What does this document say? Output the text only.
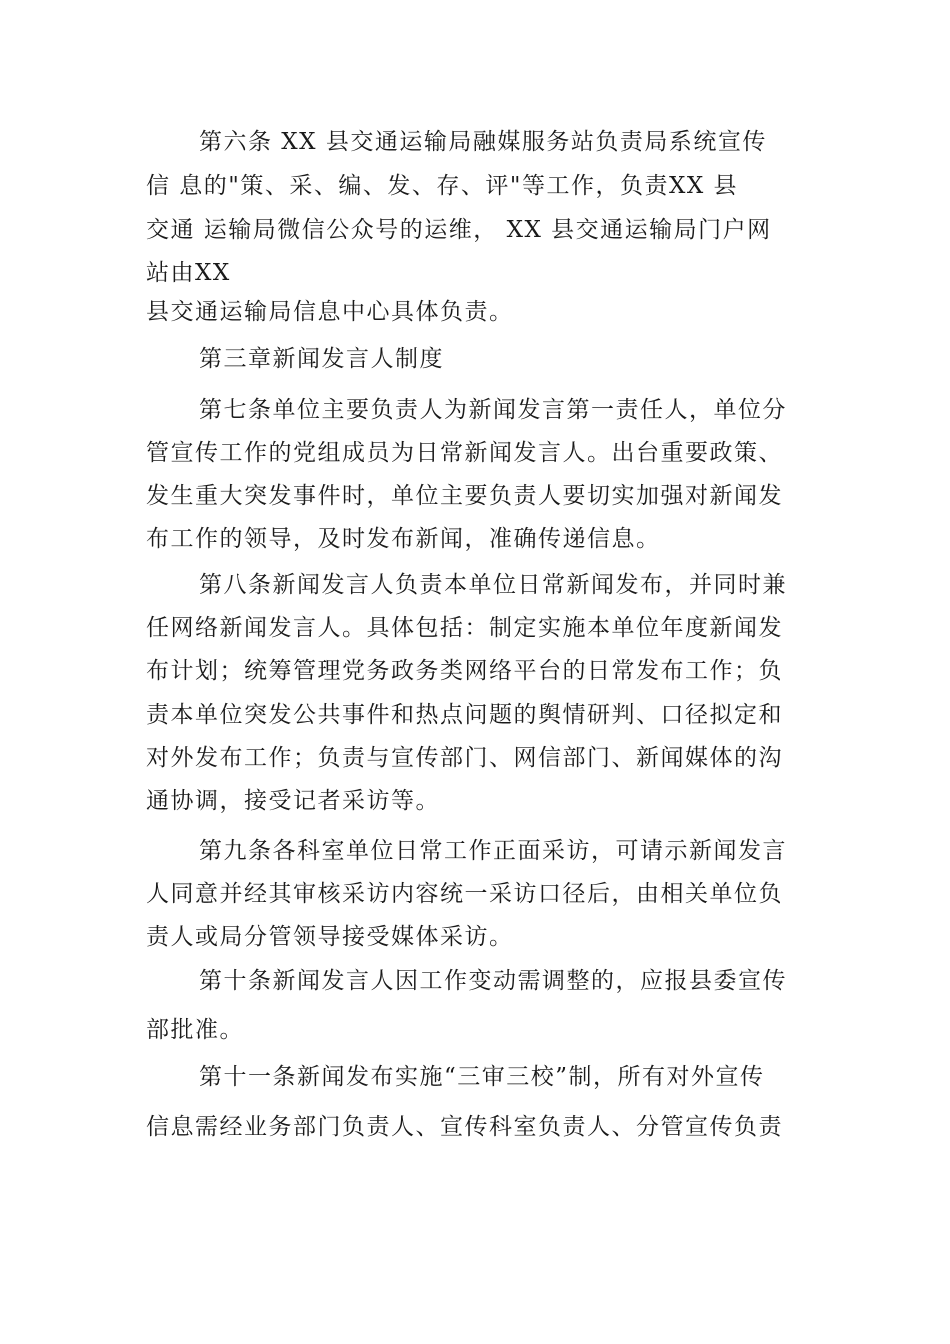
第六条 XX 县交通运输局融媒服务站负责局系统宣传
信 息的"策、采、编、发、存、评"等工作，负责XX 县
交通 运输局微信公众号的运维， XX 县交通运输局门户网
站由XX
县交通运输局信息中心具体负责。
第三章新闻发言人制度
第七条单位主要负责人为新闻发言第一责任人，单位分
管宣传工作的党组成员为日常新闻发言人。出台重要政策、
发生重大突发事件时，单位主要负责人要切实加强对新闻发
布工作的领导，及时发布新闻，准确传递信息。
第八条新闻发言人负责本单位日常新闻发布，并同时兼
任网络新闻发言人。具体包括：制定实施本单位年度新闻发
布计划；统筹管理党务政务类网络平台的日常发布工作；负
责本单位突发公共事件和热点问题的舆情研判、口径拟定和
对外发布工作；负责与宣传部门、网信部门、新闻媒体的沟
通协调，接受记者采访等。
第九条各科室单位日常工作正面采访，可请示新闻发言
人同意并经其审核采访内容统一采访口径后，由相关单位负
责人或局分管领导接受媒体采访。
第十条新闻发言人因工作变动需调整的，应报县委宣传
部批准。
第十一条新闻发布实施“三审三校”制，所有对外宣传
信息需经业务部门负责人、宣传科室负责人、分管宣传负责
